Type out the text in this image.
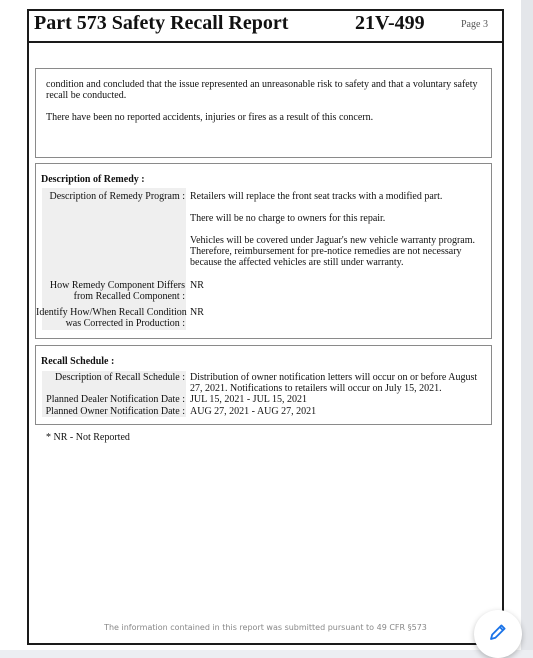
Part 573 Safety Recall Report	21V-499	Page 3
condition and concluded that the issue represented an unreasonable risk to safety and that a voluntary safety
recall be conducted.
There have been no reported accidents, injuries or fires as a result of this concern.
Description of Remedy :
Description of Remedy Program : Retailers will replace the front seat tracks with a modified part.
There will be no charge to owners for this repair.
Vehicles will be covered under Jaguar's new vehicle warranty program.
Therefore, reimbursement for pre-notice remedies are not necessary
because the affected vehicles are still under warranty.
How Remedy Component Differs
from Recalled Component :
NR
Identify How/When Recall Condition
was Corrected in Production :
NR
Recall Schedule :
Description of Recall Schedule : Distribution of owner notification letters will occur on or before August
27, 2021. Notifications to retailers will occur on July 15, 2021.
Planned Dealer Notification Date : JUL 15, 2021 - JUL 15, 2021
Planned Owner Notification Date : AUG 27, 2021 - AUG 27, 2021
* NR - Not Reported
The information contained in this report was submitted pursuant to 49 CFR §573
